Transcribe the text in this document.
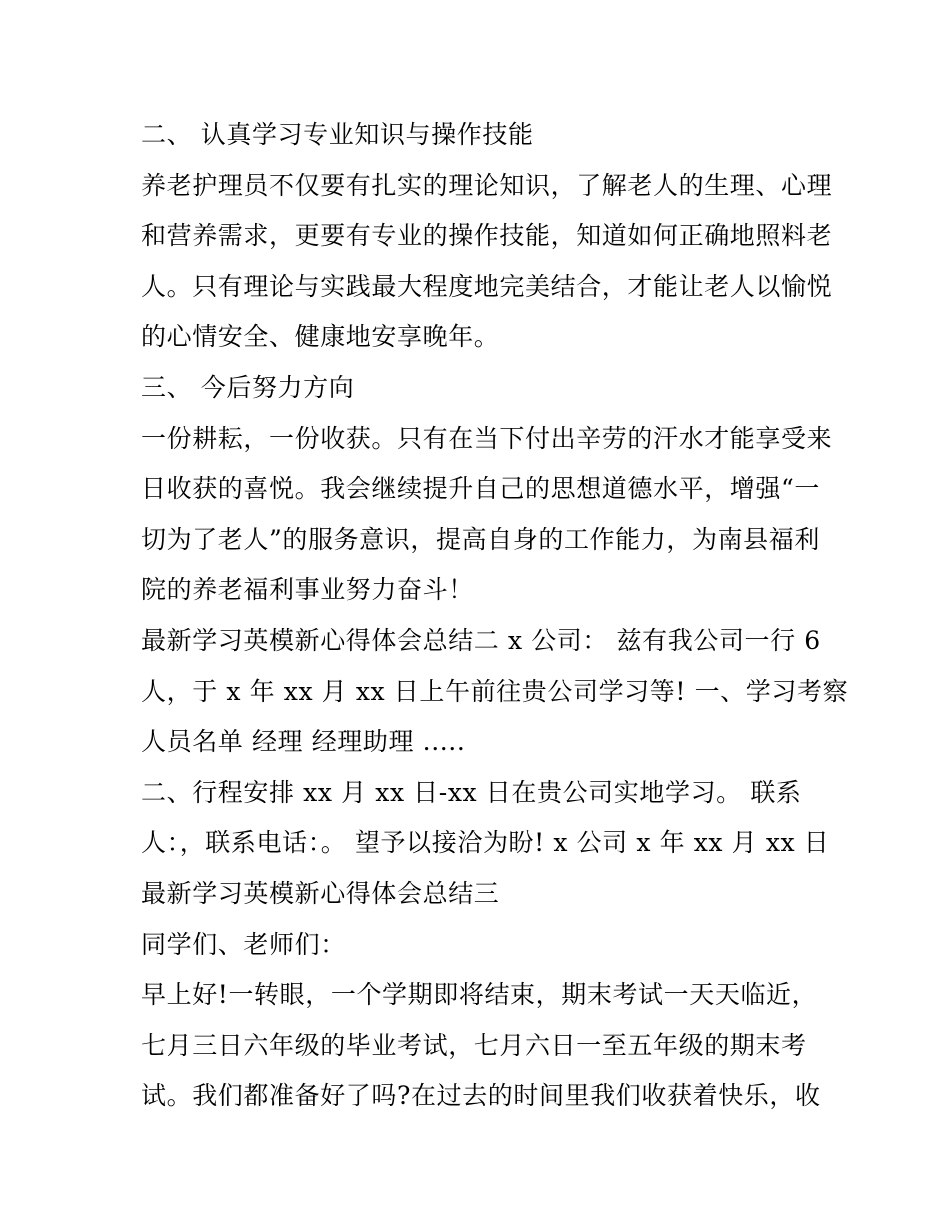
二、 认真学习专业知识与操作技能
养老护理员不仅要有扎实的理论知识，了解老人的生理、心理
和营养需求，更要有专业的操作技能，知道如何正确地照料老
人。只有理论与实践最大程度地完美结合，才能让老人以愉悦
的心情安全、健康地安享晚年。
三、 今后努力方向
一份耕耘，一份收获。只有在当下付出辛劳的汗水才能享受来
日收获的喜悦。我会继续提升自己的思想道德水平，增强“一
切为了老人”的服务意识，提高自身的工作能力，为南县福利
院的养老福利事业努力奋斗！
最新学习英模新心得体会总结二 x 公司： 兹有我公司一行 6
人，于 x 年 xx 月 xx 日上午前往贵公司学习等! 一、学习考察
人员名单 经理 经理助理 .....
二、行程安排 xx 月 xx 日-xx 日在贵公司实地学习。 联系
人：，联系电话：。 望予以接洽为盼! x 公司 x 年 xx 月 xx 日
最新学习英模新心得体会总结三
同学们、老师们：
早上好!一转眼，一个学期即将结束，期末考试一天天临近，
七月三日六年级的毕业考试，七月六日一至五年级的期末考
试。我们都准备好了吗?在过去的时间里我们收获着快乐，收
